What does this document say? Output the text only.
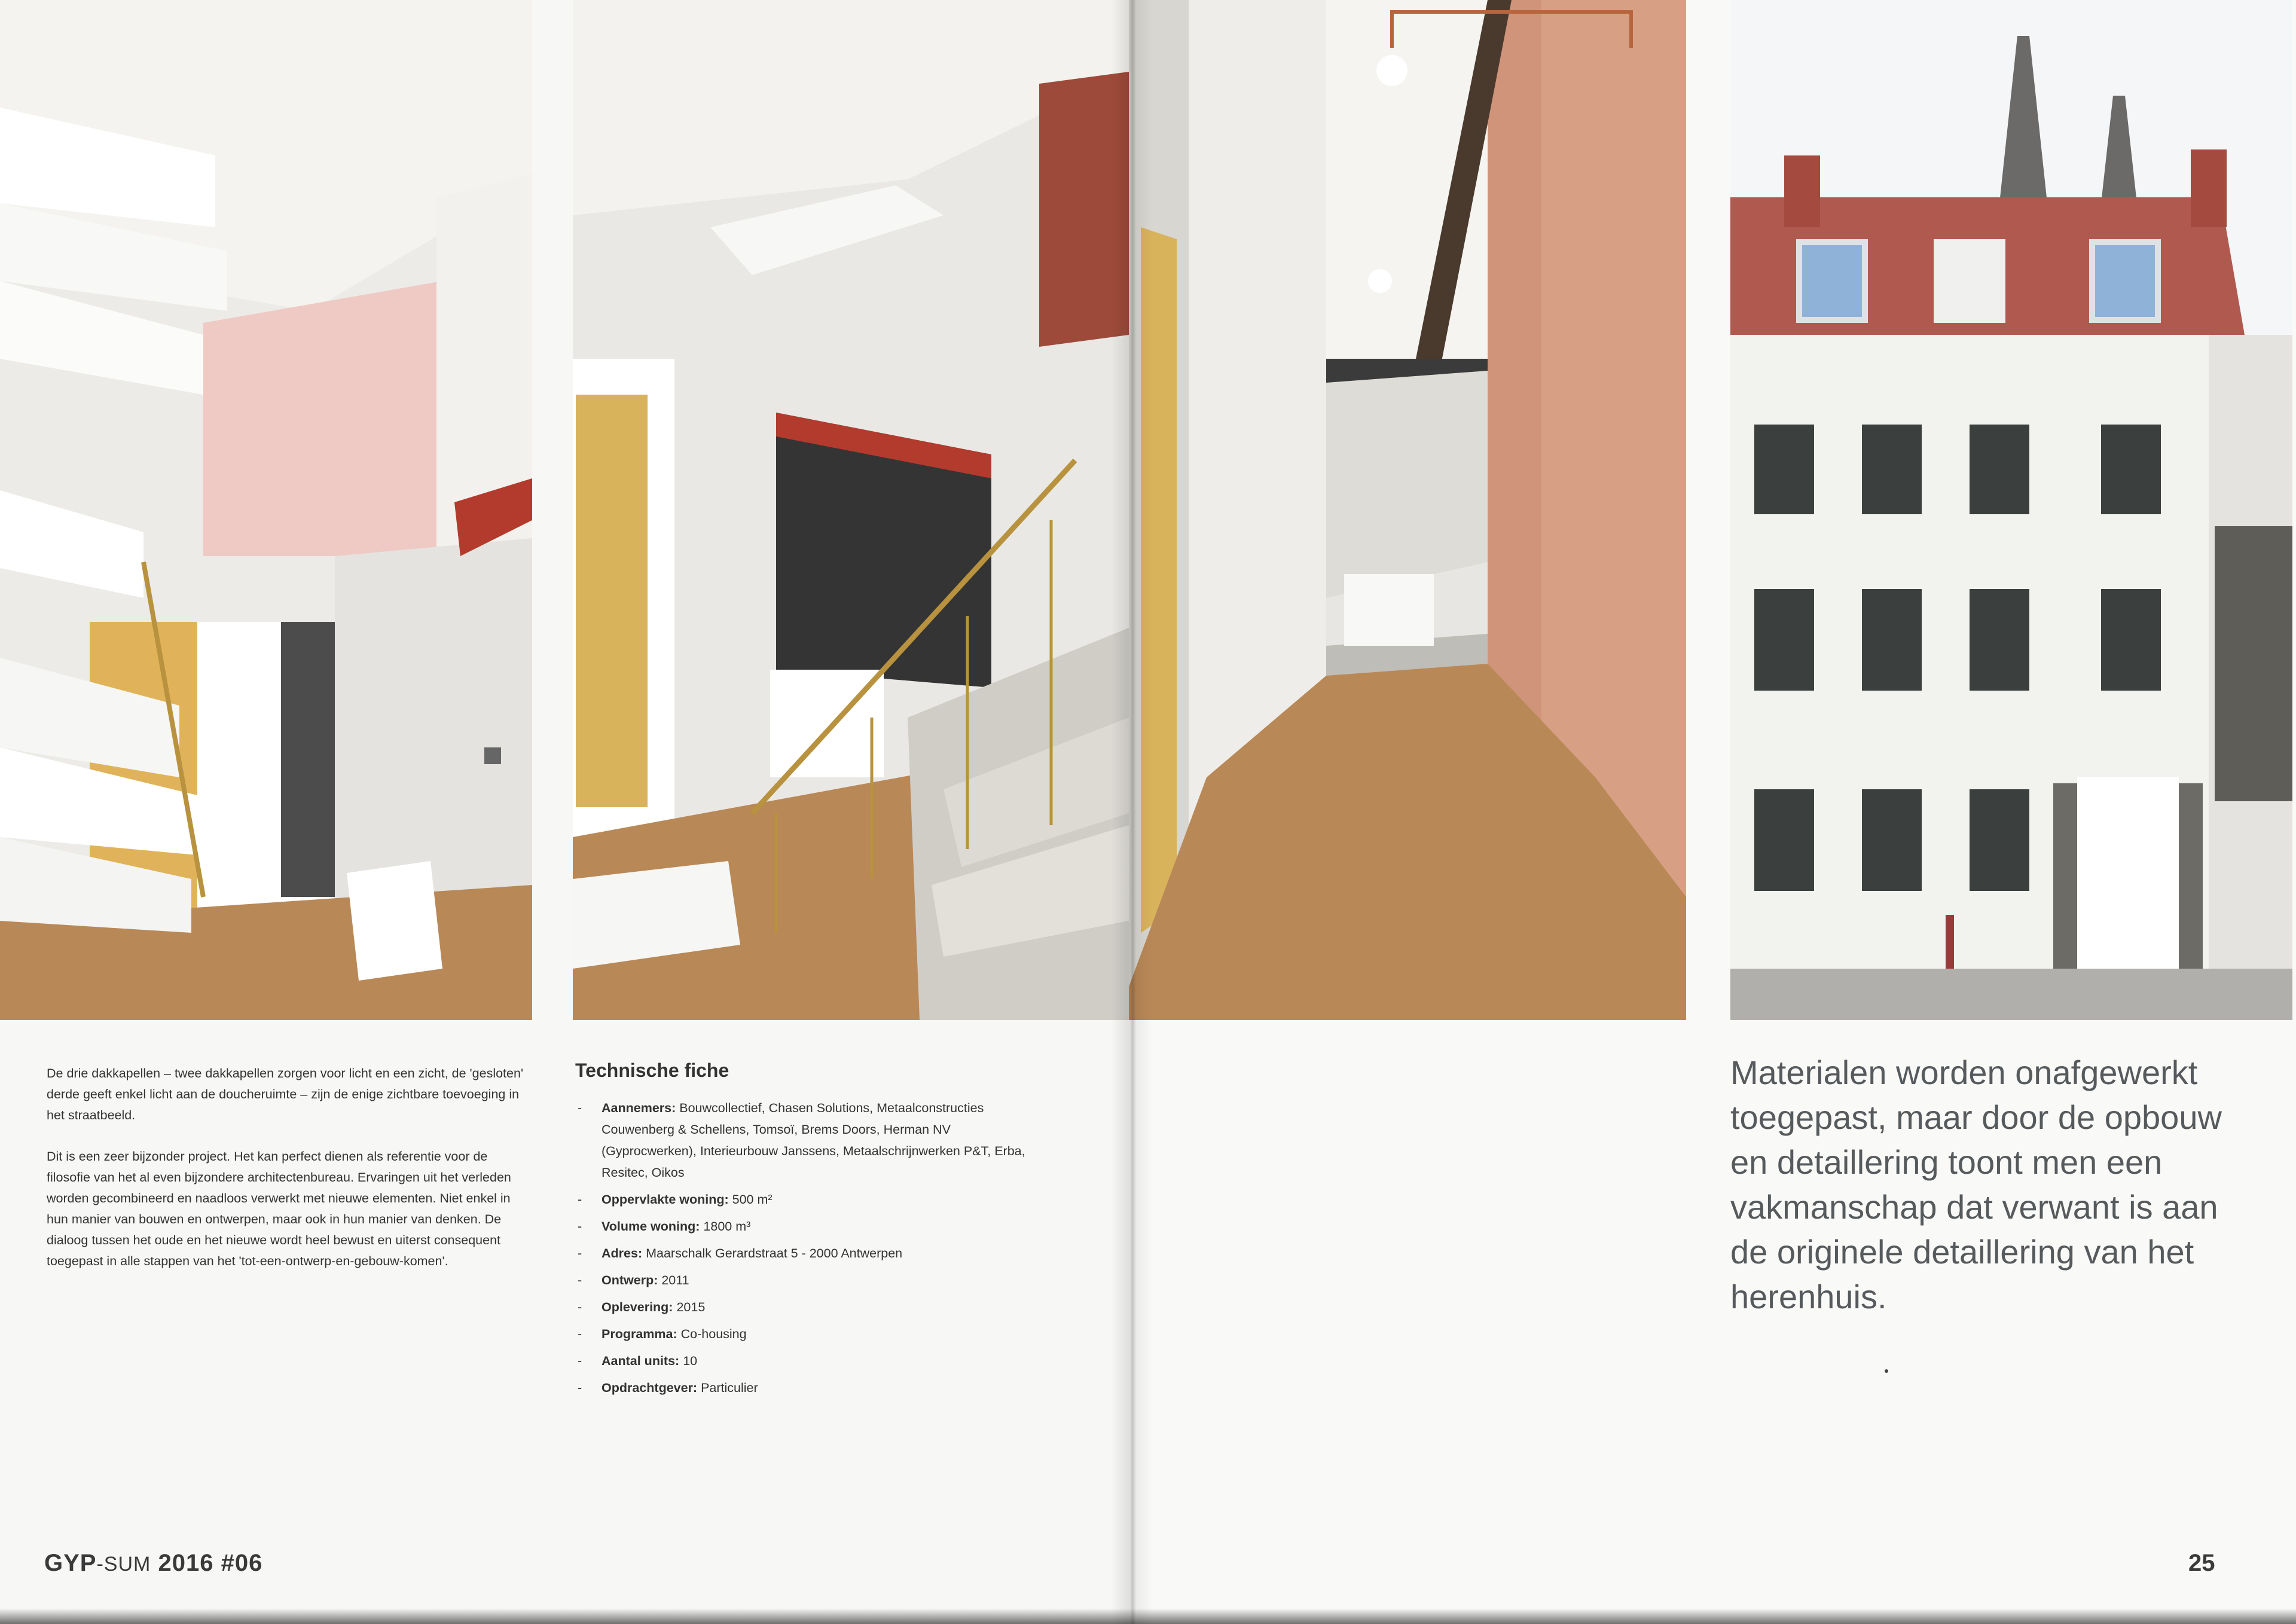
De drie dakkapellen – twee dakkapellen zorgen voor licht en een zicht, de 'gesloten' derde geeft enkel licht aan de doucheruimte – zijn de enige zichtbare toevoeging in het straatbeeld.

Dit is een zeer bijzonder project. Het kan perfect dienen als referentie voor de filosofie van het al even bijzondere architectenbureau. Ervaringen uit het verleden worden gecombineerd en naadloos verwerkt met nieuwe elementen. Niet enkel in hun manier van bouwen en ontwerpen, maar ook in hun manier van denken. De dialoog tussen het oude en het nieuwe wordt heel bewust en uiterst consequent toegepast in alle stappen van het 'tot-een-ontwerp-en-gebouw-komen'.

Technische fiche
- Aannemers: Bouwcollectief, Chasen Solutions, Metaalconstructies Couwenberg & Schellens, Tomsoï, Brems Doors, Herman NV (Gyprocwerken), Interieurbouw Janssens, Metaalschrijnwerken P&T, Erba, Resitec, Oikos
- Oppervlakte woning: 500 m²
- Volume woning: 1800 m³
- Adres: Maarschalk Gerardstraat 5 - 2000 Antwerpen
- Ontwerp: 2011
- Oplevering: 2015
- Programma: Co-housing
- Aantal units: 10
- Opdrachtgever: Particulier
GYP-SUM 2016 #06
Materialen worden onafgewerkt toegepast, maar door de opbouw en detaillering toont men een vakmanschap dat verwant is aan de originele detaillering van het herenhuis.
25
